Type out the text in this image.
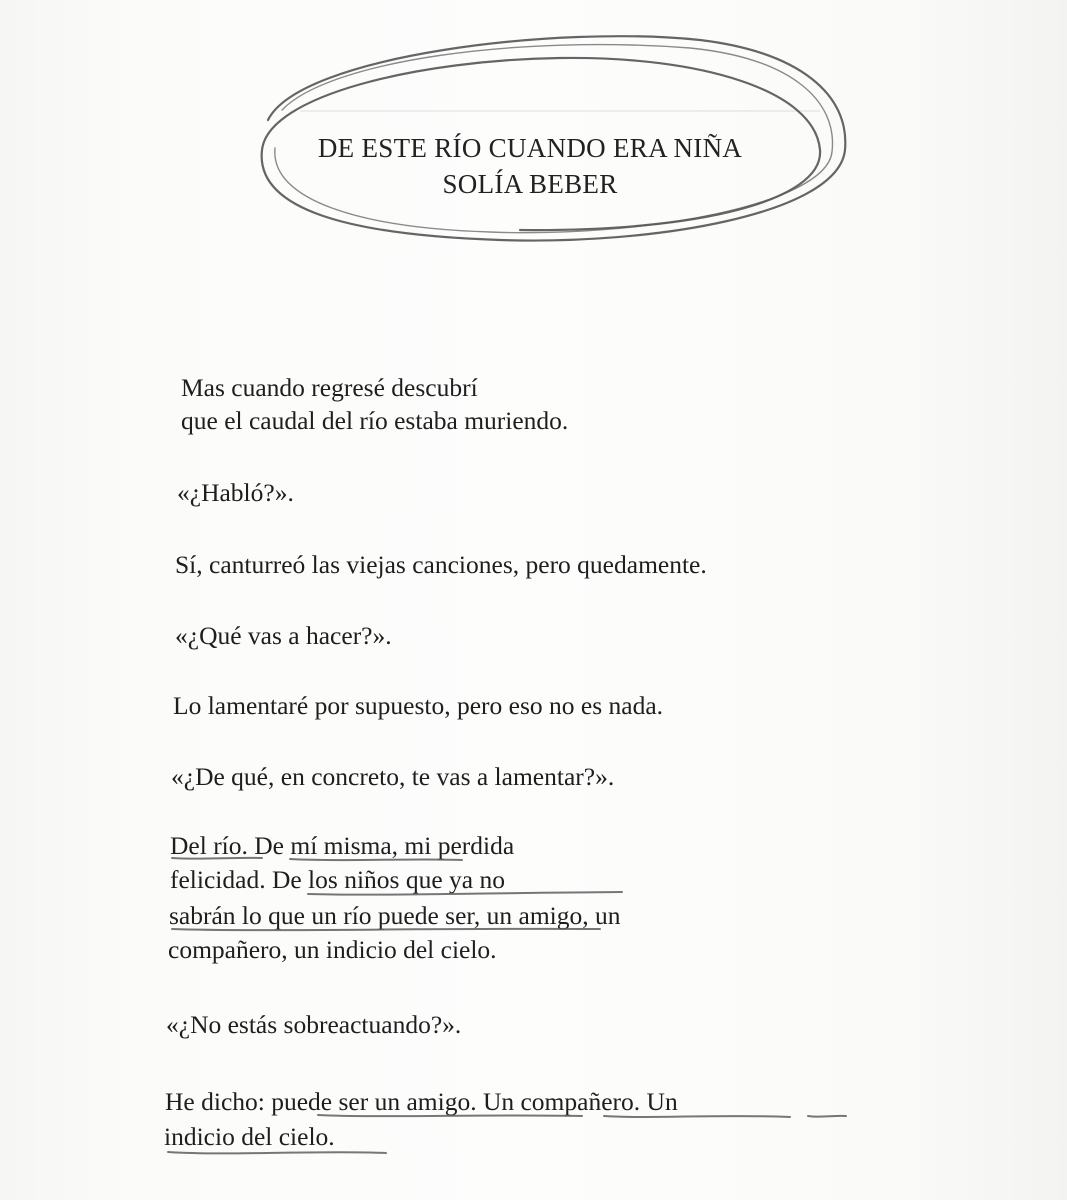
DE ESTE RÍO CUANDO ERA NIÑA
SOLÍA BEBER
Mas cuando regresé descubrí
que el caudal del río estaba muriendo.
«¿Habló?».
Sí, canturreó las viejas canciones, pero quedamente.
«¿Qué vas a hacer?».
Lo lamentaré por supuesto, pero eso no es nada.
«¿De qué, en concreto, te vas a lamentar?».
Del río. De mí misma, mi perdida
felicidad. De los niños que ya no
sabrán lo que un río puede ser, un amigo, un
compañero, un indicio del cielo.
«¿No estás sobreactuando?».
He dicho: puede ser un amigo. Un compañero. Un
indicio del cielo.
